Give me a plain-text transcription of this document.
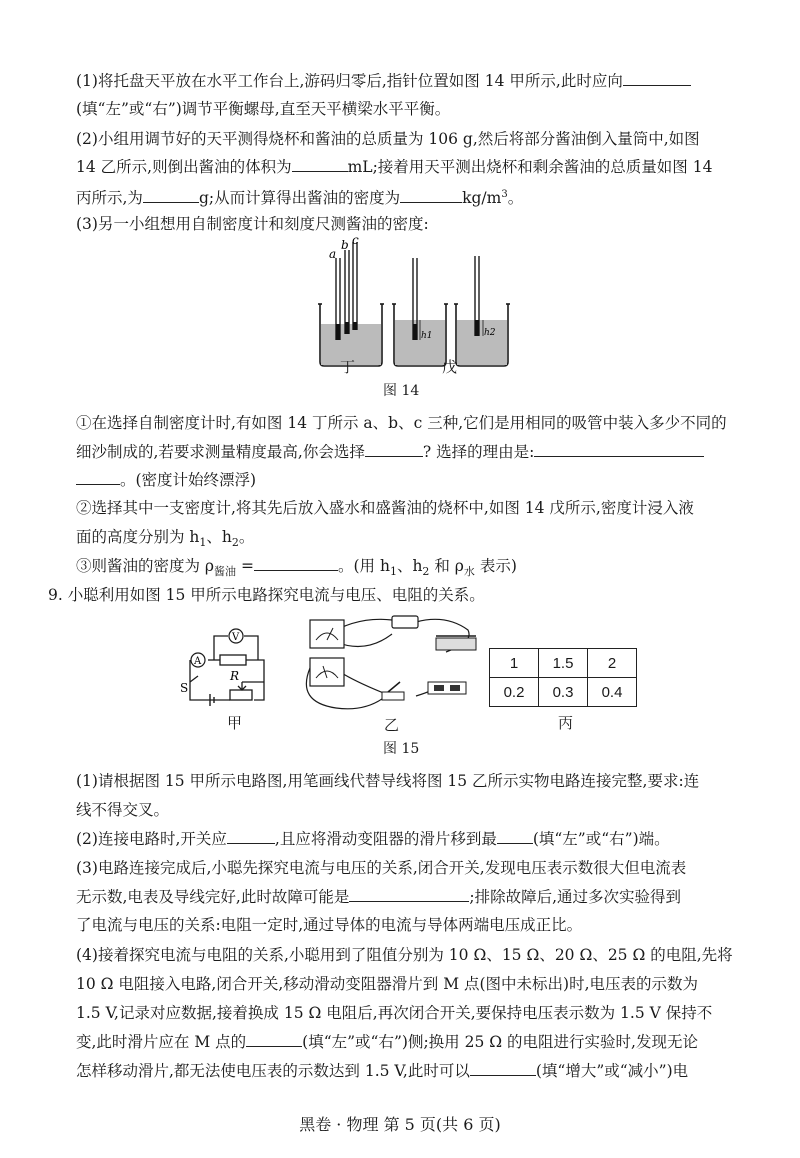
(1)将托盘天平放在水平工作台上,游码归零后,指针位置如图 14 甲所示,此时应向
(填“左”或“右”)调节平衡螺母,直至天平横梁水平平衡。
(2)小组用调节好的天平测得烧杯和酱油的总质量为 106 g,然后将部分酱油倒入量筒中,如图
14 乙所示,则倒出酱油的体积为	mL;接着用天平测出烧杯和剩余酱油的总质量如图 14
丙所示,为	g;从而计算得出酱油的密度为	$kg/m^3$。
(3)另一小组想用自制密度计和刻度尺测酱油的密度:
a
b c
h1	h2
丁	戊
图 14
①在选择自制密度计时,有如图 14 丁所示 a、b、c 三种,它们是用相同的吸管中装入多少不同的
细沙制成的,若要求测量精度最高,你会选择	? 选择的理由是:
。(密度计始终漂浮)
②选择其中一支密度计,将其先后放入盛水和盛酱油的烧杯中,如图 14 戊所示,密度计浸入液
面的高度分别为 $h_1$、$h_2$。
③则酱油的密度为 $\rho_{酱油}$ =	。(用 $h_1$、$h_2$ 和 $\rho_水$ 表示)
9. 小聪利用如图 15 甲所示电路探究电流与电压、电阻的关系。
A
V
R
S
甲	乙
1	1.5	2
0.2	0.3	0.4
丙
图 15
(1)请根据图 15 甲所示电路图,用笔画线代替导线将图 15 乙所示实物电路连接完整,要求:连
线不得交叉。
(2)连接电路时,开关应	,且应将滑动变阻器的滑片移到最 (填“左”或“右”)端。
(3)电路连接完成后,小聪先探究电流与电压的关系,闭合开关,发现电压表示数很大但电流表
无示数,电表及导线完好,此时故障可能是	;排除故障后,通过多次实验得到
了电流与电压的关系:电阻一定时,通过导体的电流与导体两端电压成正比。
(4)接着探究电流与电阻的关系,小聪用到了阻值分别为 10 Ω、15 Ω、20 Ω、25 Ω 的电阻,先将
10 Ω 电阻接入电路,闭合开关,移动滑动变阻器滑片到 M 点(图中未标出)时,电压表的示数为
1.5 V,记录对应数据,接着换成 15 Ω 电阻后,再次闭合开关,要保持电压表示数为 1.5 V 保持不
变,此时滑片应在 M 点的	(填“左”或“右”)侧;换用 25 Ω 的电阻进行实验时,发现无论
怎样移动滑片,都无法使电压表的示数达到 1.5 V,此时可以	(填“增大”或“减小”)电
黑卷 · 物理 第 5 页(共 6 页)
